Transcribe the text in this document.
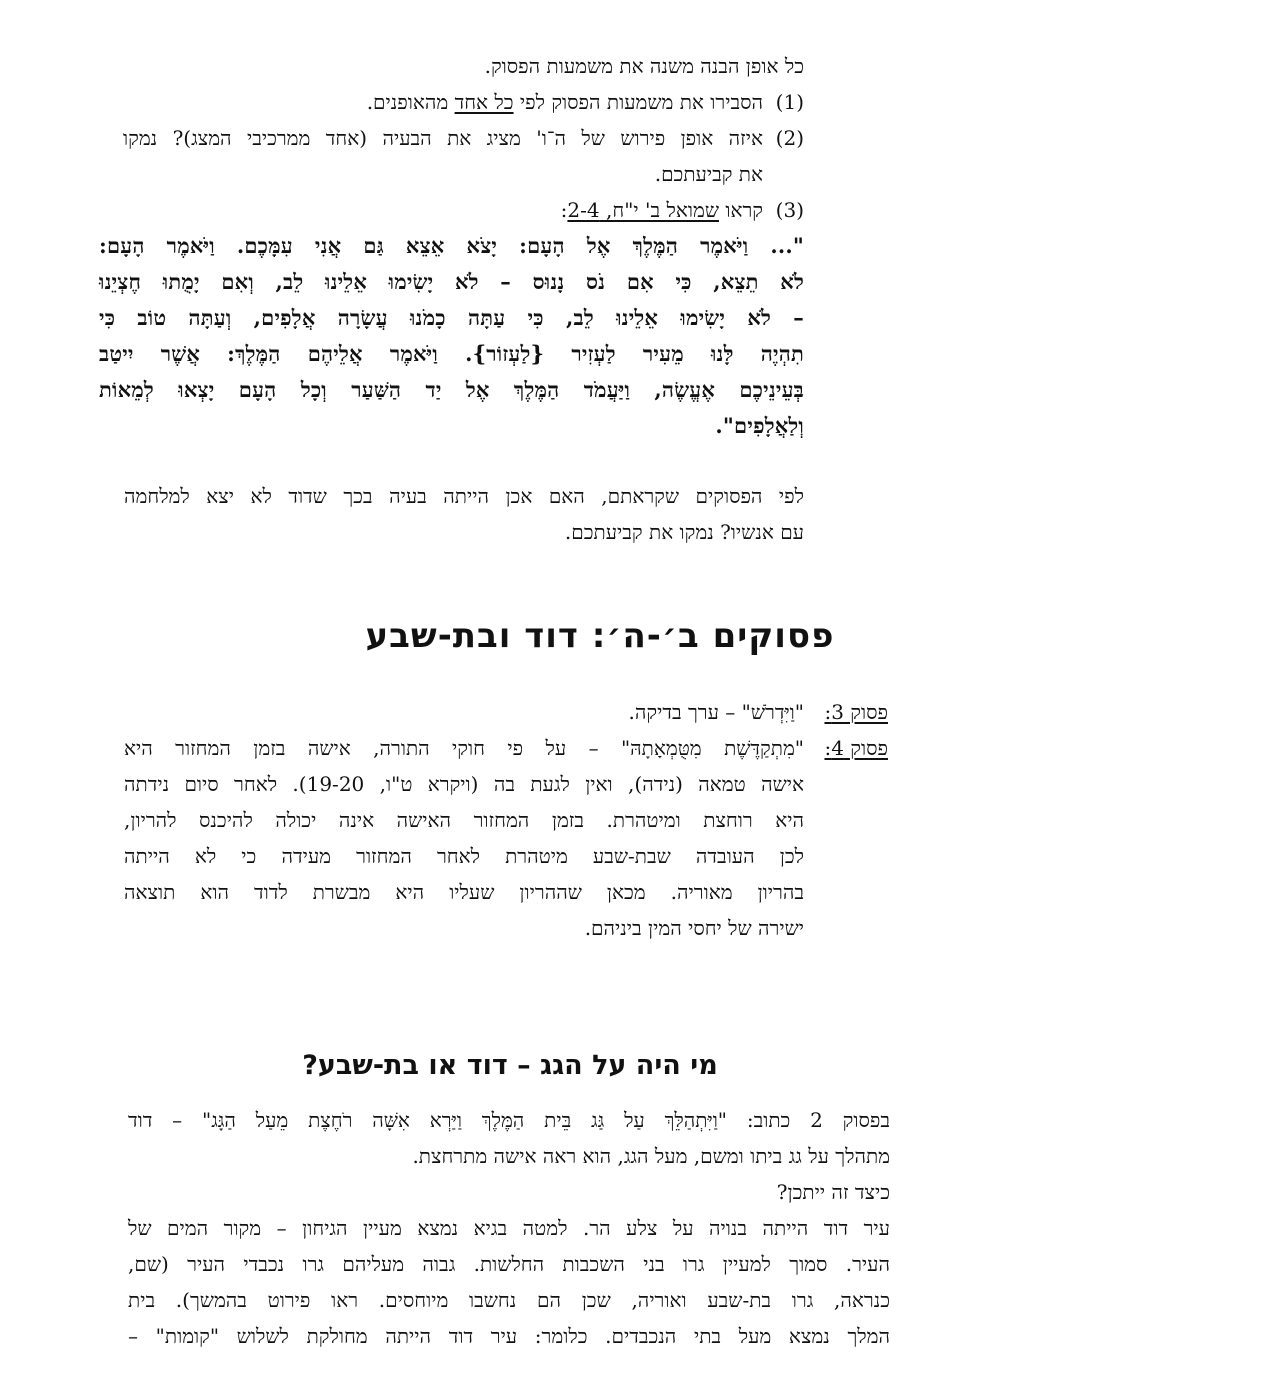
כל אופן הבנה משנה את משמעות הפסוק.
(1)
הסבירו את משמעות הפסוק לפי כל אחד מהאופנים.
(2)
איזה אופן פירוש של ה־ו' מציג את הבעיה (אחד ממרכיבי המצג)? נמקו
את קביעתכם.
(3)
קראו שמואל ב' י"ח, 2-4:
"... וַיֹּאמֶר הַמֶּלֶךְ אֶל הָעָם: יָצֹא אֵצֵא גַּם אֲנִי עִמָּכֶם. וַיֹּאמֶר הָעָם:
לֹא תֵצֵא, כִּי אִם נֹס נָנוּס – לֹא יָשִׂימוּ אֵלֵינוּ לֵב, וְאִם יָמֻתוּ חֶצְיֵנוּ
– לֹא יָשִׂימוּ אֵלֵינוּ לֵב, כִּי עַתָּה כָמֹנוּ עֲשָׂרָה אֲלָפִים, וְעַתָּה טוֹב כִּי
תִהְיֶה לָּנוּ מֵעִיר לַעְזִיר {לַעְזוֹר}. וַיֹּאמֶר אֲלֵיהֶם הַמֶּלֶךְ: אֲשֶׁר יִיטַב
בְּעֵינֵיכֶם אֶעֱשֶׂה, וַיַּעֲמֹד הַמֶּלֶךְ אֶל יַד הַשַּׁעַר וְכָל הָעָם יָצְאוּ לְמֵאוֹת
וְלַאֲלָפִים".
לפי הפסוקים שקראתם, האם אכן הייתה בעיה בכך שדוד לא יצא למלחמה
עם אנשיו? נמקו את קביעתכם.
פסוקים ב׳-ה׳: דוד ובת-שבע
פסוק 3:
"וַיִּדְרֹשׁ" – ערך בדיקה.
פסוק 4:
"מִתְקַדֶּשֶׁת מִטֻּמְאָתָהּ" – על פי חוקי התורה, אישה בזמן המחזור היא
אישה טמאה (נידה), ואין לגעת בה (ויקרא ט"ו, 19-20). לאחר סיום נידתה
היא רוחצת ומיטהרת. בזמן המחזור האישה אינה יכולה להיכנס להריון,
לכן העובדה שבת-שבע מיטהרת לאחר המחזור מעידה כי לא הייתה
בהריון מאוריה. מכאן שההריון שעליו היא מבשרת לדוד הוא תוצאה
ישירה של יחסי המין ביניהם.
מי היה על הגג – דוד או בת-שבע?
בפסוק 2 כתוב: "וַיִּתְהַלֵּךְ עַל גַּג בֵּית הַמֶּלֶךְ וַיַּרְא אִשָּׁה רֹחֶצֶת מֵעַל הַגָּג" – דוד
מתהלך על גג ביתו ומשם, מעל הגג, הוא ראה אישה מתרחצת.
כיצד זה ייתכן?
עיר דוד הייתה בנויה על צלע הר. למטה בגיא נמצא מעיין הגיחון – מקור המים של
העיר. סמוך למעיין גרו בני השכבות החלשות. גבוה מעליהם גרו נכבדי העיר (שם,
כנראה, גרו בת-שבע ואוריה, שכן הם נחשבו מיוחסים. ראו פירוט בהמשך). בית
המלך נמצא מעל בתי הנכבדים. כלומר: עיר דוד הייתה מחולקת לשלוש "קומות" –
